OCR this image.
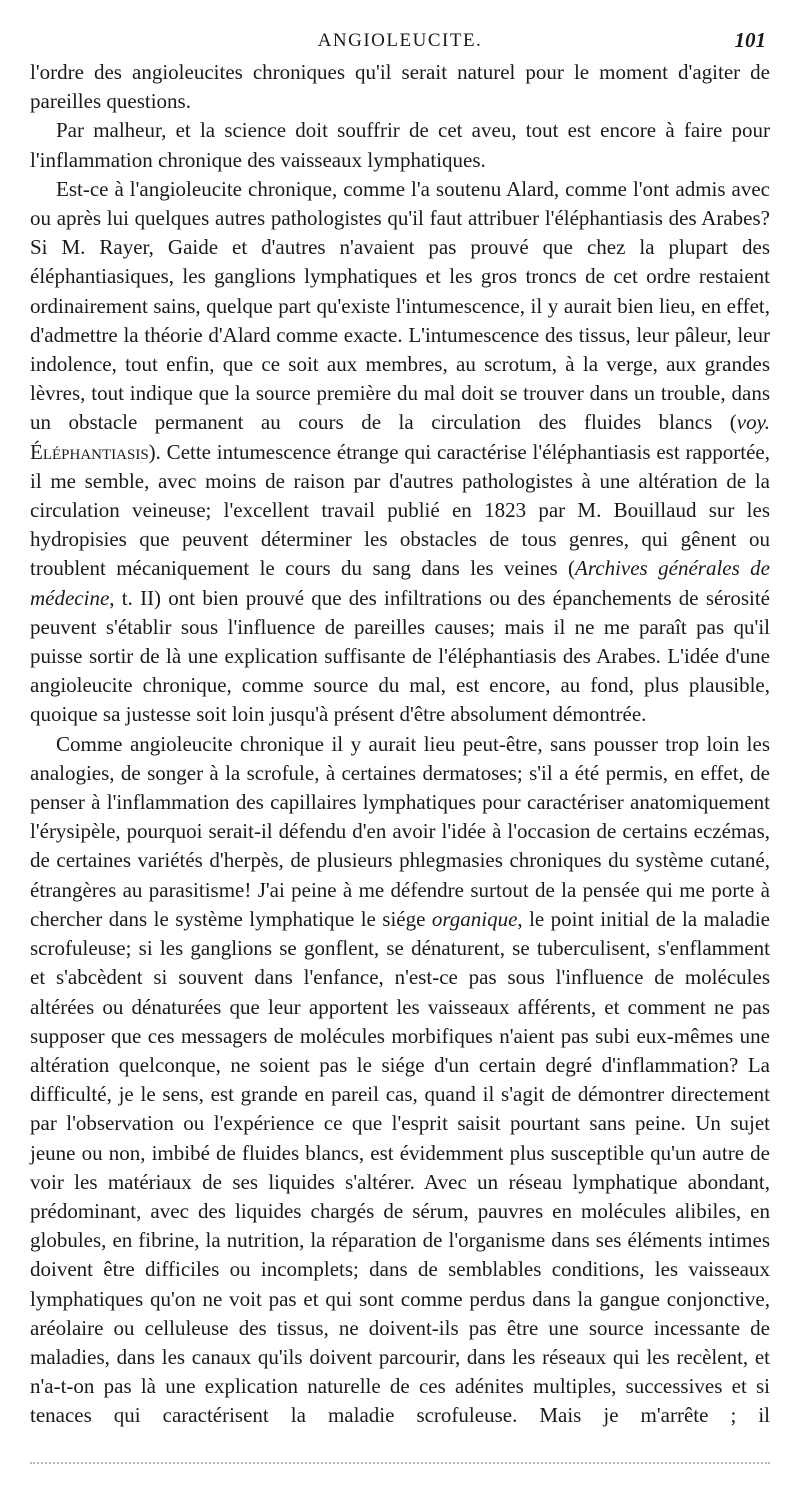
ANGIOLEUCITE.	101

l'ordre des angioleucites chroniques qu'il serait naturel pour le moment d'agiter de pareilles questions.

Par malheur, et la science doit souffrir de cet aveu, tout est encore à faire pour l'inflammation chronique des vaisseaux lymphatiques.

Est-ce à l'angioleucite chronique, comme l'a soutenu Alard, comme l'ont admis avec ou après lui quelques autres pathologistes qu'il faut attribuer l'éléphantiasis des Arabes? Si M. Rayer, Gaide et d'autres n'avaient pas prouvé que chez la plupart des éléphantiasiques, les ganglions lymphatiques et les gros troncs de cet ordre restaient ordinairement sains, quelque part qu'existe l'intumescence, il y aurait bien lieu, en effet, d'admettre la théorie d'Alard comme exacte. L'intumescence des tissus, leur pâleur, leur indolence, tout enfin, que ce soit aux membres, au scrotum, à la verge, aux grandes lèvres, tout indique que la source première du mal doit se trouver dans un trouble, dans un obstacle permanent au cours de la circulation des fluides blancs (voy. Éléphantiasis). Cette intumescence étrange qui caractérise l'éléphantiasis est rapportée, il me semble, avec moins de raison par d'autres pathologistes à une altération de la circulation veineuse; l'excellent travail publié en 1823 par M. Bouillaud sur les hydropisies que peuvent déterminer les obstacles de tous genres, qui gênent ou troublent mécaniquement le cours du sang dans les veines (Archives générales de médecine, t. II) ont bien prouvé que des infiltrations ou des épanchements de sérosité peuvent s'établir sous l'influence de pareilles causes; mais il ne me paraît pas qu'il puisse sortir de là une explication suffisante de l'éléphantiasis des Arabes. L'idée d'une angioleucite chronique, comme source du mal, est encore, au fond, plus plausible, quoique sa justesse soit loin jusqu'à présent d'être absolument démontrée.

Comme angioleucite chronique il y aurait lieu peut-être, sans pousser trop loin les analogies, de songer à la scrofule, à certaines dermatoses; s'il a été permis, en effet, de penser à l'inflammation des capillaires lymphatiques pour caractériser anatomiquement l'érysipèle, pourquoi serait-il défendu d'en avoir l'idée à l'occasion de certains eczémas, de certaines variétés d'herpès, de plusieurs phlegmasies chroniques du système cutané, étrangères au parasitisme! J'ai peine à me défendre surtout de la pensée qui me porte à chercher dans le système lymphatique le siége organique, le point initial de la maladie scrofuleuse; si les ganglions se gonflent, se dénaturent, se tuberculisent, s'enflamment et s'abcèdent si souvent dans l'enfance, n'est-ce pas sous l'influence de molécules altérées ou dénaturées que leur apportent les vaisseaux afférents, et comment ne pas supposer que ces messagers de molécules morbifiques n'aient pas subi eux-mêmes une altération quelconque, ne soient pas le siége d'un certain degré d'inflammation? La difficulté, je le sens, est grande en pareil cas, quand il s'agit de démontrer directement par l'observation ou l'expérience ce que l'esprit saisit pourtant sans peine. Un sujet jeune ou non, imbibé de fluides blancs, est évidemment plus susceptible qu'un autre de voir les matériaux de ses liquides s'altérer. Avec un réseau lymphatique abondant, prédominant, avec des liquides chargés de sérum, pauvres en molécules alibiles, en globules, en fibrine, la nutrition, la réparation de l'organisme dans ses éléments intimes doivent être difficiles ou incomplets; dans de semblables conditions, les vaisseaux lymphatiques qu'on ne voit pas et qui sont comme perdus dans la gangue conjonctive, aréolaire ou celluleuse des tissus, ne doivent-ils pas être une source incessante de maladies, dans les canaux qu'ils doivent parcourir, dans les réseaux qui les recèlent, et n'a-t-on pas là une explication naturelle de ces adénites multiples, successives et si tenaces qui caractérisent la maladie scrofuleuse. Mais je m'arrête ; il
